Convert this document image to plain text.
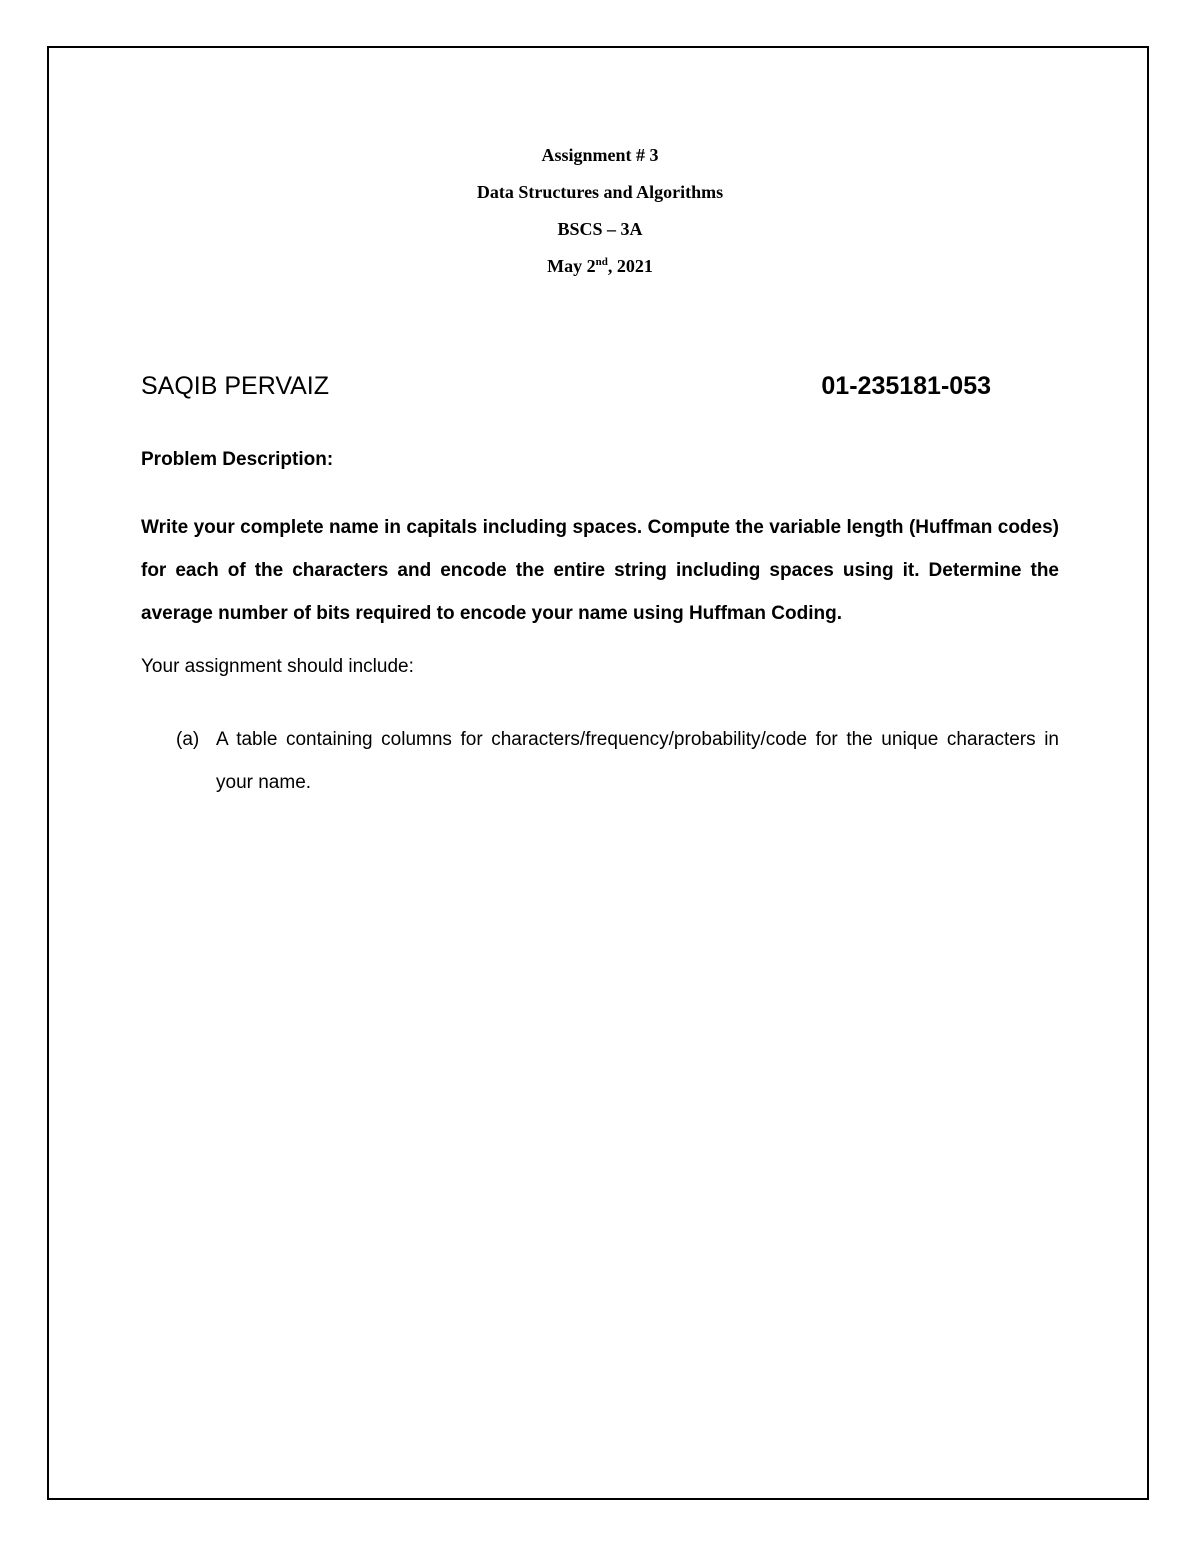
Assignment # 3
Data Structures and Algorithms
BSCS – 3A
May 2nd, 2021
SAQIB PERVAIZ	01-235181-053
Problem Description:
Write your complete name in capitals including spaces. Compute the variable length (Huffman codes) for each of the characters and encode the entire string including spaces using it. Determine the average number of bits required to encode your name using Huffman Coding.
Your assignment should include:
(a) A table containing columns for characters/frequency/probability/code for the unique characters in your name.
